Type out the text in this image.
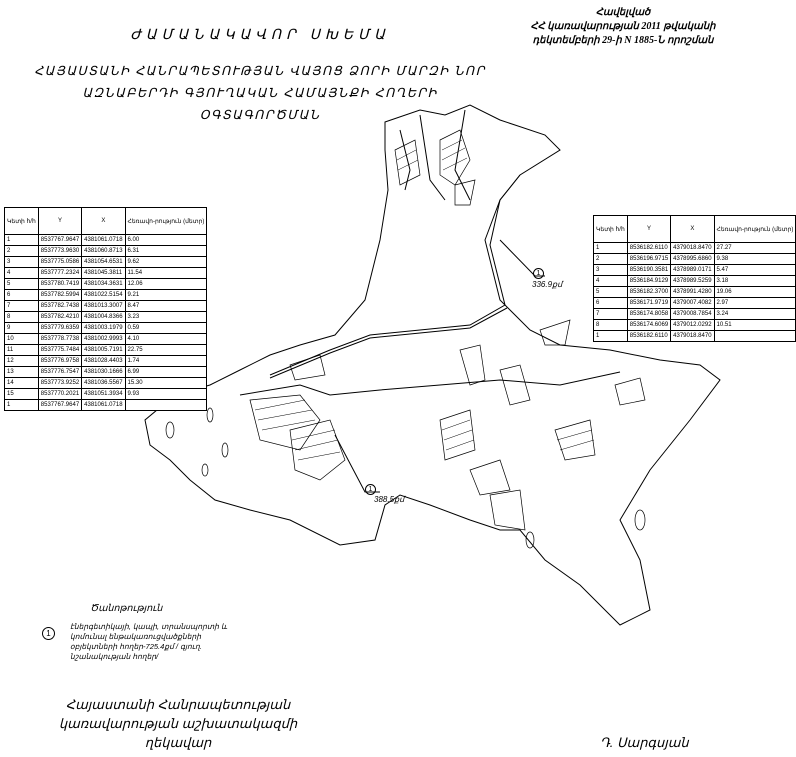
Հավելված
ՀՀ կառավարության 2011 թվականի
դեկտեմբերի 29-ի N 1885-Ն որոշման
ԺԱՄԱՆԱԿԱՎՈՐ ՍԽԵՄԱ
ՀԱՅԱՍՏԱՆԻ ՀԱՆՐԱՊԵՏՈՒԹՅԱՆ ՎԱՅՈՑ ՁՈՐԻ ՄԱՐԶԻ ՆՈՐ
ԱԶՆԱԲԵՐԴԻ ԳՅՈՒՂԱԿԱՆ ՀԱՄԱՅՆՔԻ ՀՈՂԵՐԻ ՕԳՏԱԳՈՐԾՄԱՆ
1
336.9քմ
1
388.5քմ
Կետի հ/հ	Y	X	Հեռավո-րություն (մետր)
1	8537767.9647	4381061.0718	6.00
2	8537773.9630	4381060.8713	6.31
3	8537775.0586	4381054.6531	9.62
4	8537777.2324	4381045.3811	11.54
5	8537780.7419	4381034.3631	12.06
6	8537782.5994	4381022.5154	9.21
7	8537782.7438	4381013.3007	8.47
8	8537782.4210	4381004.8366	3.23
9	8537779.6359	4381003.1979	0.59
10	8537778.7738	4381002.9993	4.10
11	8537775.7484	4381005.7191	22.75
12	8537776.9758	4381028.4403	1.74
13	8537776.7547	4381030.1666	6.99
14	8537773.9252	4381036.5567	15.30
15	8537770.2021	4381051.3934	9.93
1	8537767.9647	4381061.0718	
Կետի հ/հ	Y	X	Հեռավո-րություն (մետր)
1	8536182.6110	4379018.8470	27.27
2	8536196.9715	4378995.6860	9.38
3	8536190.3581	4378989.0171	5.47
4	8536184.9129	4378989.5259	3.18
5	8536182.3700	4378991.4280	19.06
6	8536171.9719	4379007.4082	2.97
7	8536174.8058	4379008.7854	3.24
8	8536174.6069	4379012.0292	10.51
1	8536182.6110	4379018.8470	
Ծանոթություն
1
էներգետիկայի, կապի, տրանսպորտի և կոմունալ ենթակառուցվածքների օբյեկտների հողեր-725.4քմ / գյուղ. նշանակության հողեր/
Հայաստանի Հանրապետության
կառավարության աշխատակազմի
ղեկավար	Դ. Սարգսյան
